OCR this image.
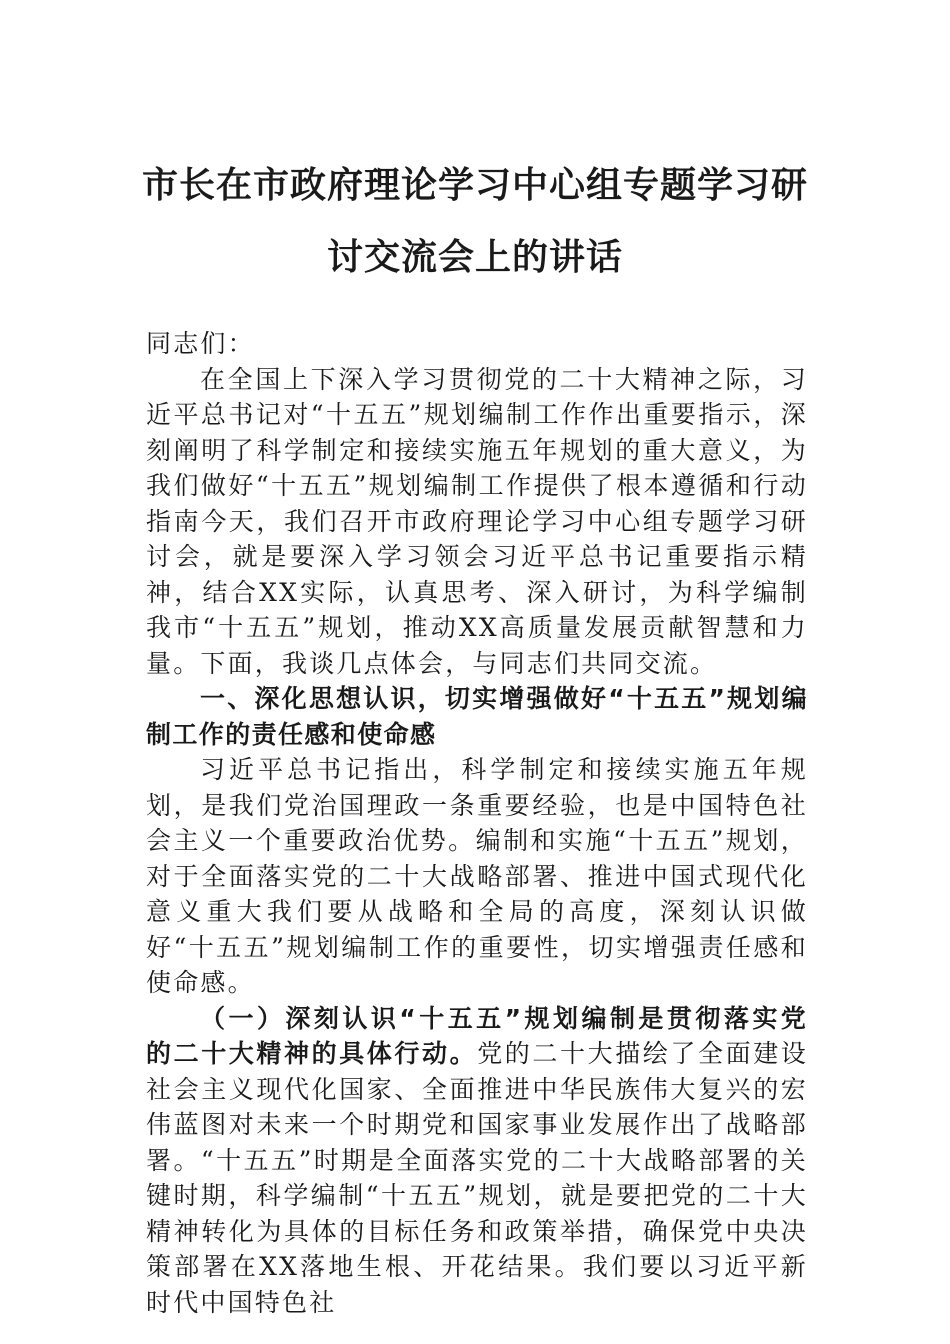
市长在市政府理论学习中心组专题学习研
讨交流会上的讲话

同志们：

在全国上下深入学习贯彻党的二十大精神之际，习近平总书记对“十五五”规划编制工作作出重要指示，深刻阐明了科学制定和接续实施五年规划的重大意义，为我们做好“十五五”规划编制工作提供了根本遵循和行动指南今天，我们召开市政府理论学习中心组专题学习研讨会，就是要深入学习领会习近平总书记重要指示精神，结合XX实际，认真思考、深入研讨，为科学编制我市“十五五”规划，推动XX高质量发展贡献智慧和力量。下面，我谈几点体会，与同志们共同交流。

一、深化思想认识，切实增强做好“十五五”规划编制工作的责任感和使命感

习近平总书记指出，科学制定和接续实施五年规划，是我们党治国理政一条重要经验，也是中国特色社会主义一个重要政治优势。编制和实施“十五五”规划，对于全面落实党的二十大战略部署、推进中国式现代化意义重大我们要从战略和全局的高度，深刻认识做好“十五五”规划编制工作的重要性，切实增强责任感和使命感。

（一）深刻认识“十五五”规划编制是贯彻落实党的二十大精神的具体行动。党的二十大描绘了全面建设社会主义现代化国家、全面推进中华民族伟大复兴的宏伟蓝图对未来一个时期党和国家事业发展作出了战略部署。“十五五”时期是全面落实党的二十大战略部署的关键时期，科学编制“十五五”规划，就是要把党的二十大精神转化为具体的目标任务和政策举措，确保党中央决策部署在XX落地生根、开花结果。我们要以习近平新时代中国特色社
